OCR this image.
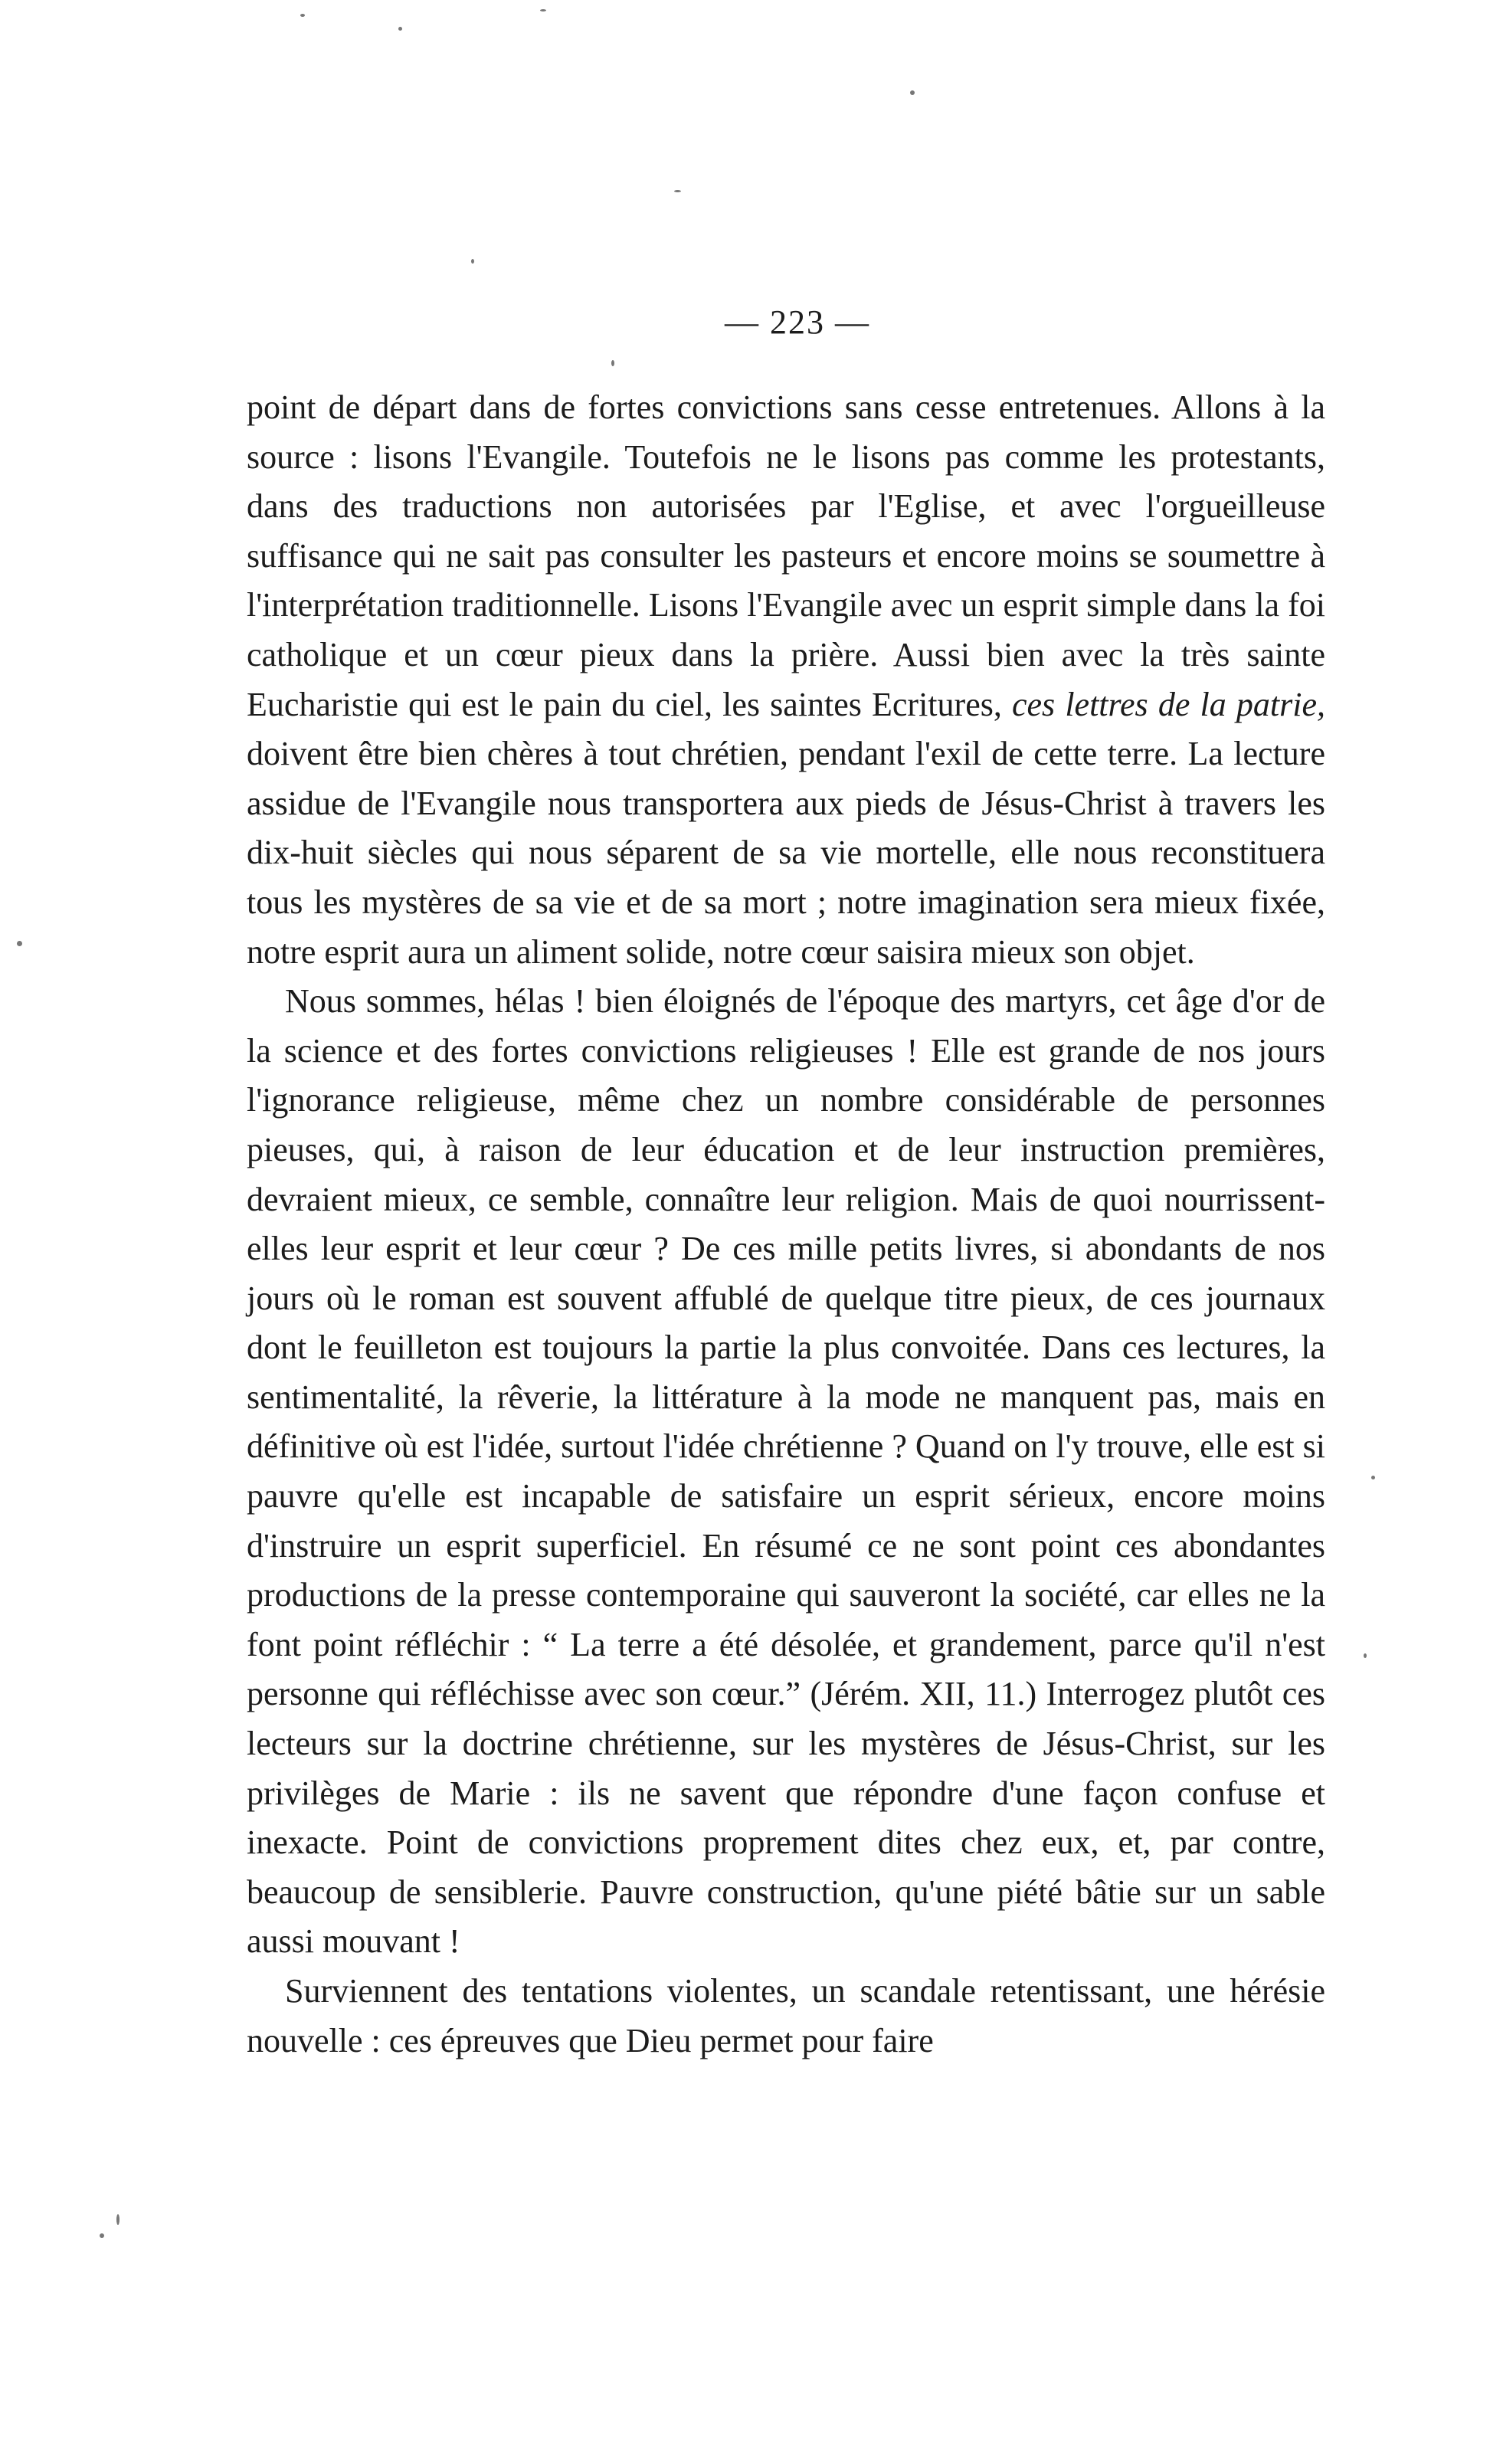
— 223 —

point de départ dans de fortes convictions sans cesse entretenues. Allons à la source : lisons l'Evangile. Toutefois ne le lisons pas comme les protestants, dans des traductions non autorisées par l'Eglise, et avec l'orgueilleuse suffisance qui ne sait pas consulter les pasteurs et encore moins se soumettre à l'interprétation traditionnelle. Lisons l'Evangile avec un esprit simple dans la foi catholique et un cœur pieux dans la prière. Aussi bien avec la très sainte Eucharistie qui est le pain du ciel, les saintes Ecritures, ces lettres de la patrie, doivent être bien chères à tout chrétien, pendant l'exil de cette terre. La lecture assidue de l'Evangile nous transportera aux pieds de Jésus-Christ à travers les dix-huit siècles qui nous séparent de sa vie mortelle, elle nous reconstituera tous les mystères de sa vie et de sa mort ; notre imagination sera mieux fixée, notre esprit aura un aliment solide, notre cœur saisira mieux son objet.

Nous sommes, hélas ! bien éloignés de l'époque des martyrs, cet âge d'or de la science et des fortes convictions religieuses ! Elle est grande de nos jours l'ignorance religieuse, même chez un nombre considérable de personnes pieuses, qui, à raison de leur éducation et de leur instruction premières, devraient mieux, ce semble, connaître leur religion. Mais de quoi nourrissent-elles leur esprit et leur cœur ? De ces mille petits livres, si abondants de nos jours où le roman est souvent affublé de quelque titre pieux, de ces journaux dont le feuilleton est toujours la partie la plus convoitée. Dans ces lectures, la sentimentalité, la rêverie, la littérature à la mode ne manquent pas, mais en définitive où est l'idée, surtout l'idée chrétienne ? Quand on l'y trouve, elle est si pauvre qu'elle est incapable de satisfaire un esprit sérieux, encore moins d'instruire un esprit superficiel. En résumé ce ne sont point ces abondantes productions de la presse contemporaine qui sauveront la société, car elles ne la font point réfléchir : “ La terre a été désolée, et grandement, parce qu'il n'est personne qui réfléchisse avec son cœur.” (Jérém. XII, 11.) Interrogez plutôt ces lecteurs sur la doctrine chrétienne, sur les mystères de Jésus-Christ, sur les privilèges de Marie : ils ne savent que répondre d'une façon confuse et inexacte. Point de convictions proprement dites chez eux, et, par contre, beaucoup de sensiblerie. Pauvre construction, qu'une piété bâtie sur un sable aussi mouvant !

Surviennent des tentations violentes, un scandale retentissant, une hérésie nouvelle : ces épreuves que Dieu permet pour faire
